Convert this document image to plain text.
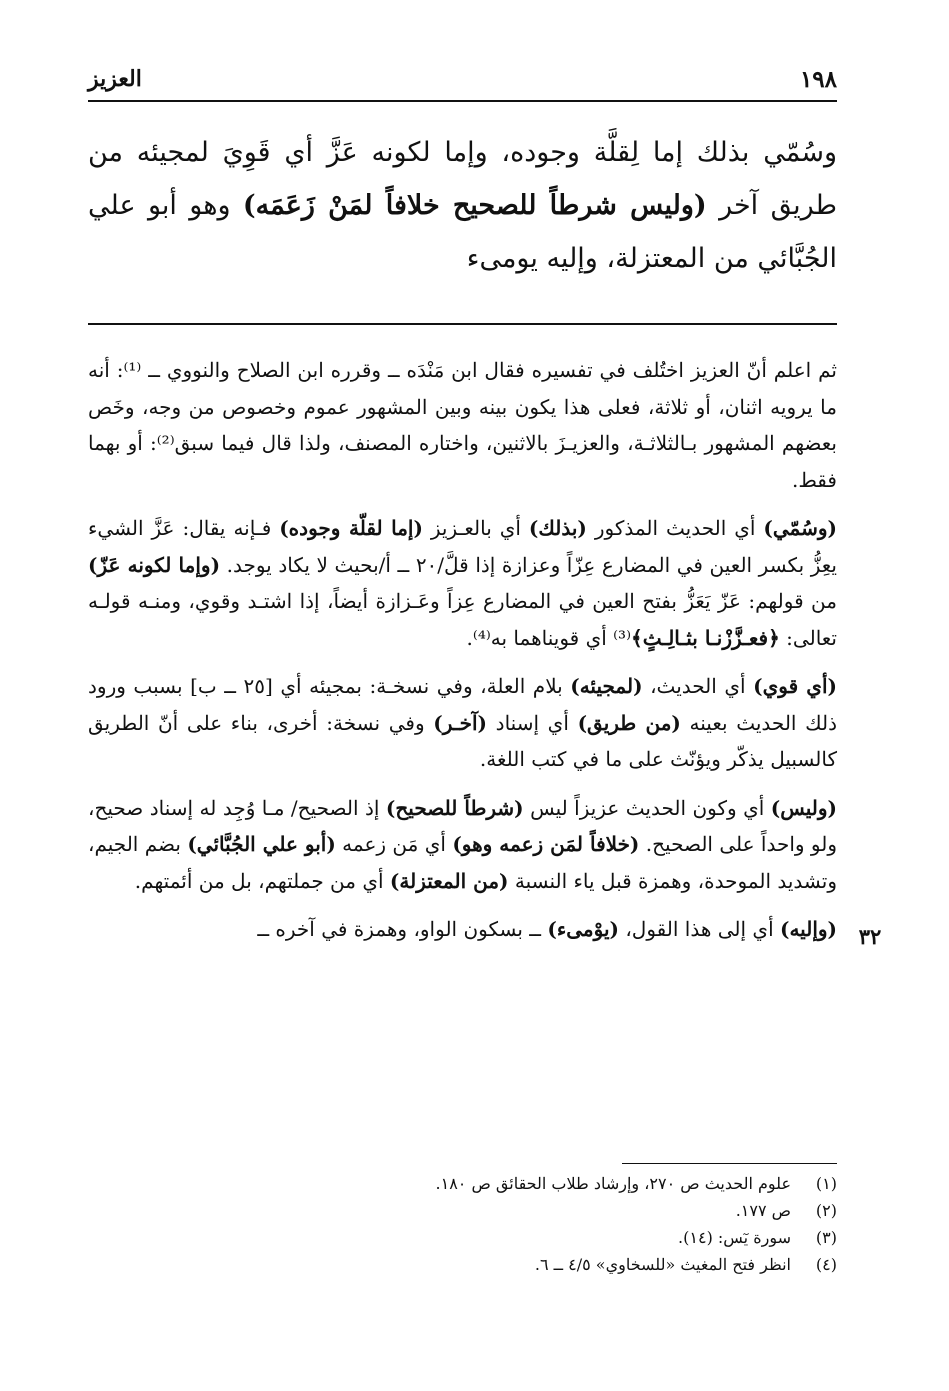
العزيز	١٩٨
وسُمّي بذلك إما لِقلَّة وجوده، وإما لكونه عَزَّ أي قَوِيَ لمجيئه من طريق آخر (وليس شرطاً للصحيح خلافاً لمَنْ زَعَمَه) وهو أبو علي الجُبَّائي من المعتزلة، وإليه يومىء

ثم اعلم أنّ العزيز اختُلف في تفسيره فقال ابن مَنْدَه ــ وقرره ابن الصلاح والنووي ــ ⁽¹⁾: أنه ما يرويه اثنان، أو ثلاثة، فعلى هذا يكون بينه وبين المشهور عموم وخصوص من وجه، وخَص بعضهم المشهور بـالثلاثـة، والعزيـزَ بالاثنين، واختاره المصنف، ولذا قال فيما سبق⁽²⁾: أو بهما فقط.

(وسُمّي) أي الحديث المذكور (بذلك) أي بالعـزيز (إما لقلّة وجوده) فـإنه يقال: عَزَّ الشيء يعِزُّ بكسر العين في المضارع عِزّاً وعزازة إذا قلَّ/٢٠ ــ أ/بحيث لا يكاد يوجد. (وإما لكونه عَزّ) من قولهم: عَزّ يَعَزُّ بفتح العين في المضارع عِزاً وعَـزازة أيضاً، إذا اشتـد وقوي، ومنـه قولـه تعالى: ﴿فعـزَّزْنـا بثـالِـثٍ﴾⁽³⁾ أي قويناهما به⁽⁴⁾.

(أي قوي) أي الحديث، (لمجيئه) بلام العلة، وفي نسخـة: بمجيئه أي [٢٥ ــ ب] بسبب ورود ذلك الحديث بعينه (من طريق) أي إسناد (آخـر) وفي نسخة: أخرى، بناء على أنّ الطريق كالسبيل يذكّر ويؤنّث على ما في كتب اللغة.

(وليس) أي وكون الحديث عزيزاً ليس (شرطاً للصحيح) إذ الصحيح/ مـا وُجِد له إسناد صحيح، ولو واحداً على الصحيح. (خلافاً لمَن زعمه وهو) أي مَن زعمه (أبو علي الجُبَّائي) بضم الجيم، وتشديد الموحدة، وهمزة قبل ياء النسبة (من المعتزلة) أي من جملتهم، بل من أئمتهم.

(وإليه) أي إلى هذا القول، (يوْمىء) ــ بسكون الواو، وهمزة في آخره ــ	٣٢
(١)
علوم الحديث ص ٢٧٠، وإرشاد طلاب الحقائق ص ١٨٠.
(٢)
ص ١٧٧.
(٣)
سورة يٓس: (١٤).
(٤)
انظر فتح المغيث «للسخاوي» ٤/٥ ــ ٦.
